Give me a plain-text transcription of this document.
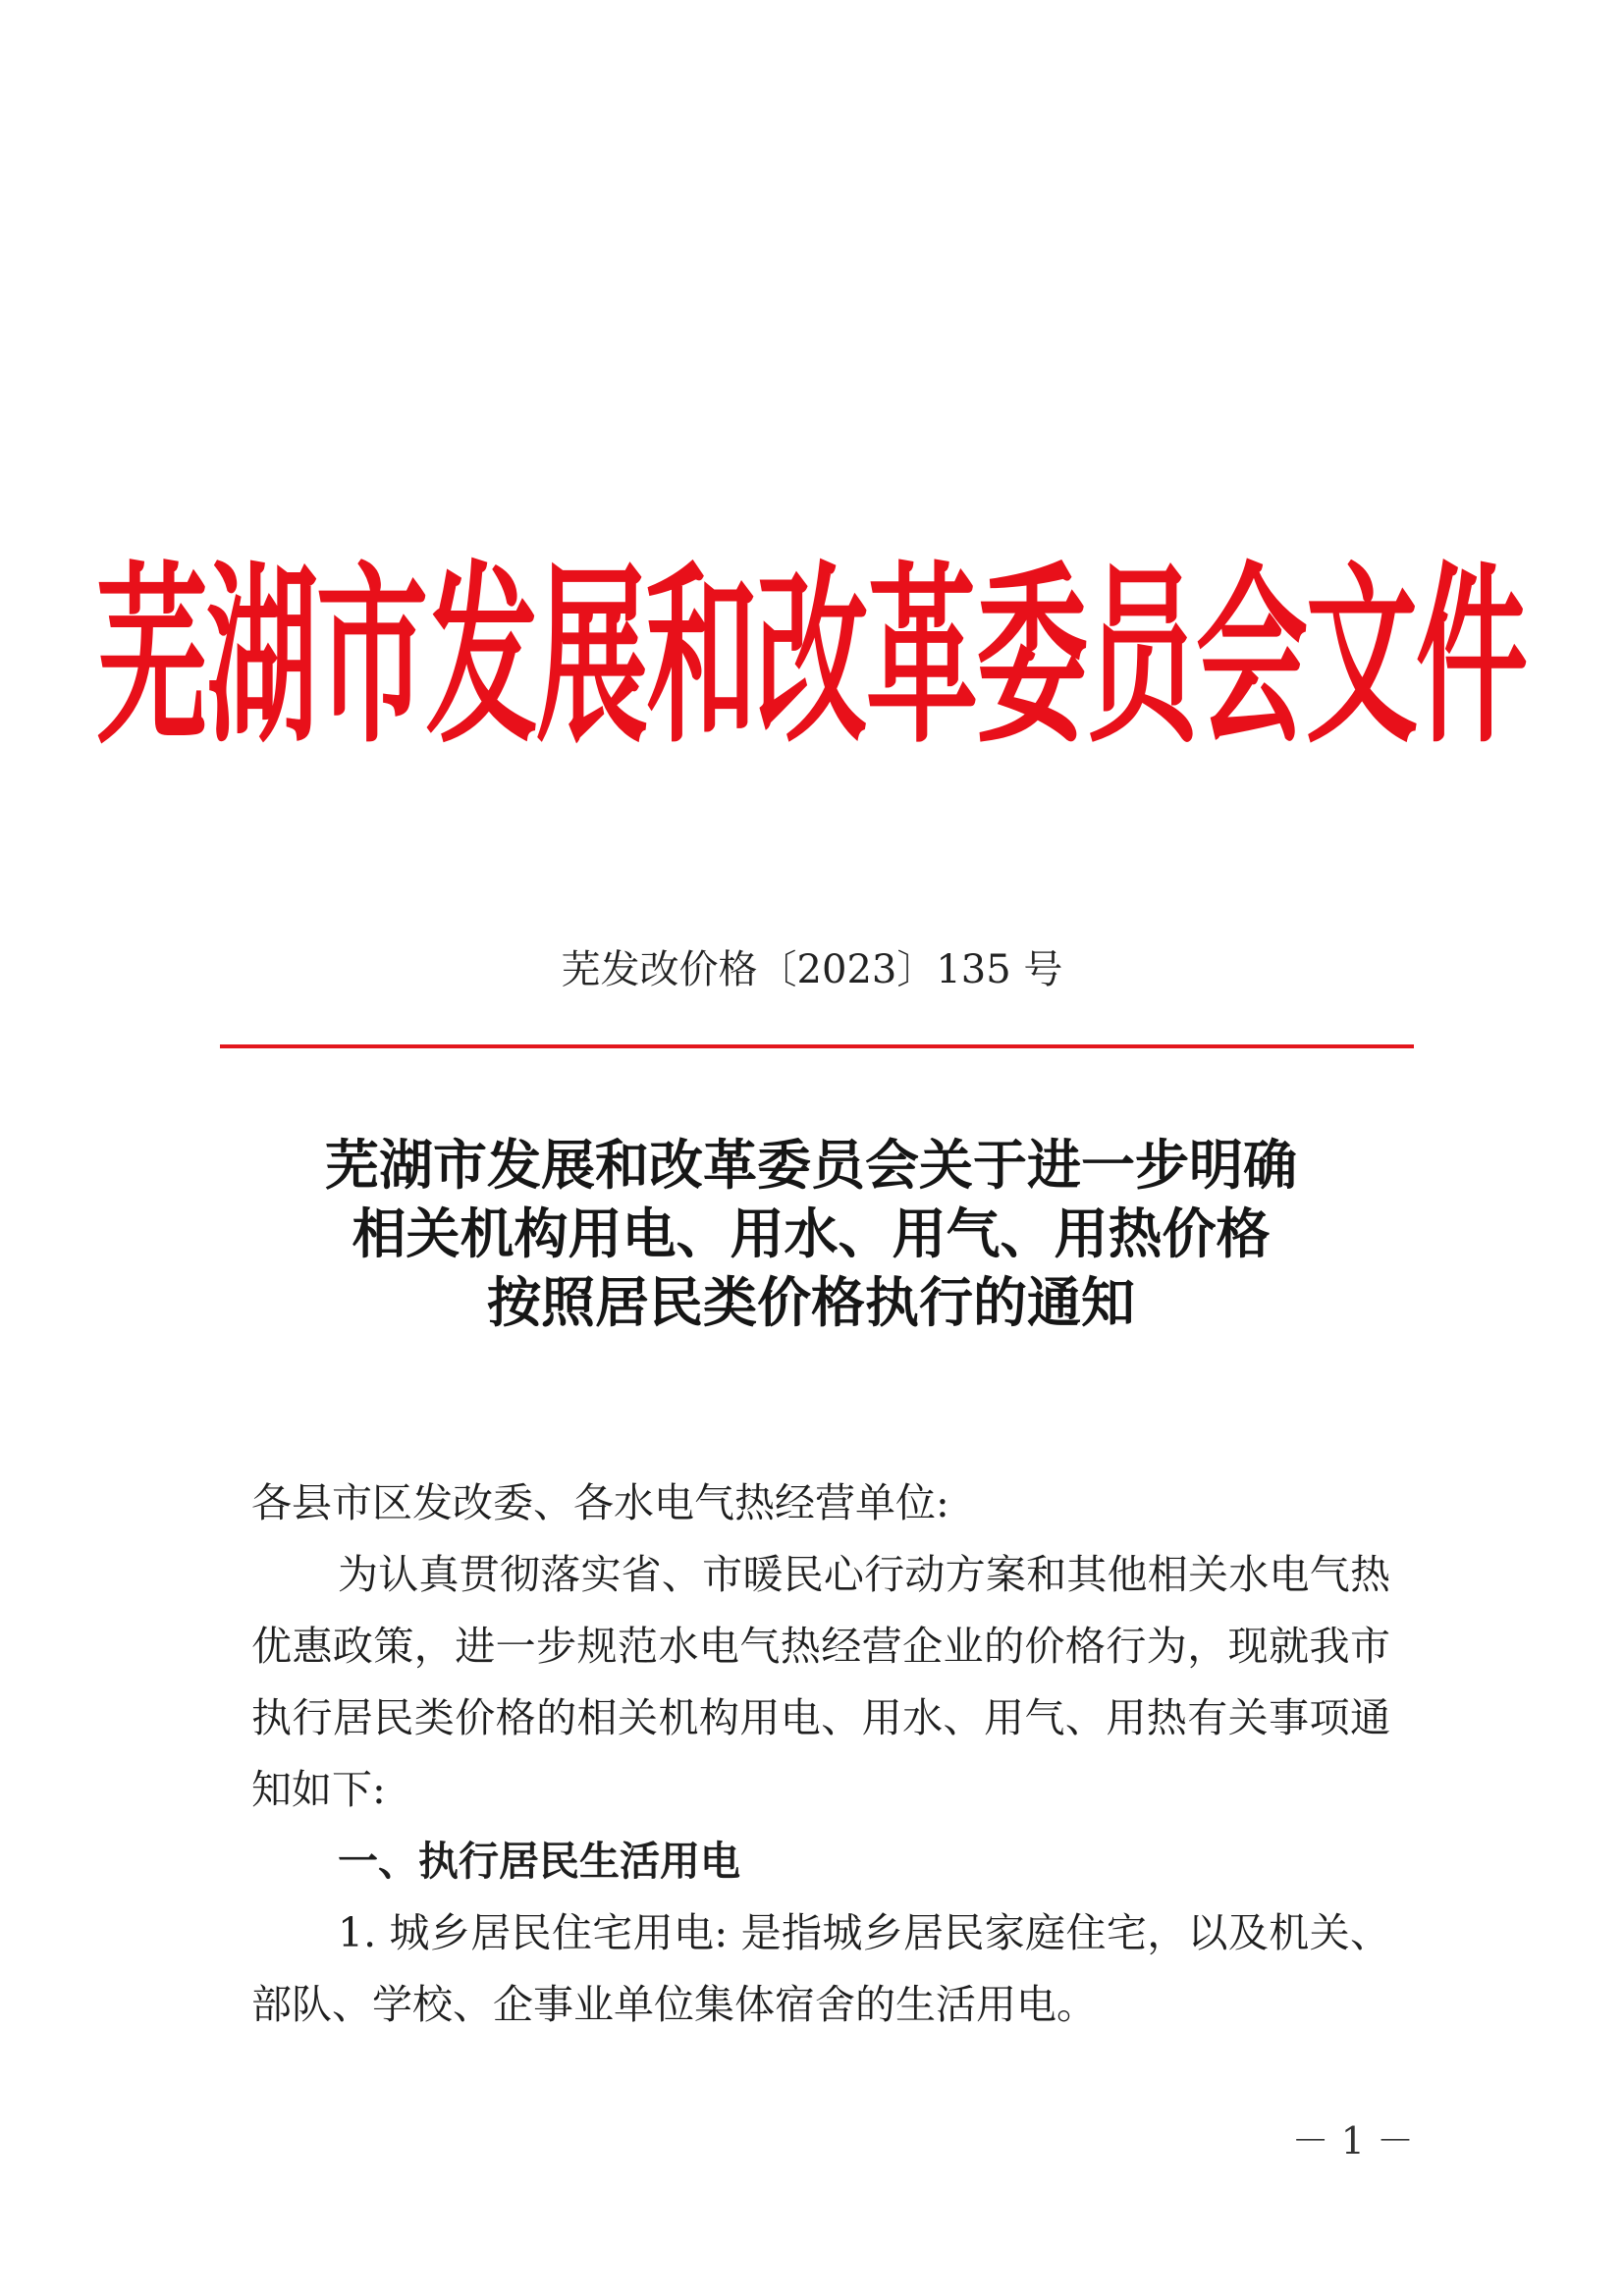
芜湖市发展和改革委员会文件
芜发改价格〔2023〕135 号
芜湖市发展和改革委员会关于进一步明确
相关机构用电、用水、用气、用热价格
按照居民类价格执行的通知

各县市区发改委、各水电气热经营单位:

为认真贯彻落实省、市暖民心行动方案和其他相关水电气热优惠政策，进一步规范水电气热经营企业的价格行为，现就我市执行居民类价格的相关机构用电、用水、用气、用热有关事项通知如下:

一、执行居民生活用电

1. 城乡居民住宅用电: 是指城乡居民家庭住宅，以及机关、部队、学校、企事业单位集体宿舍的生活用电。

－ 1 －
